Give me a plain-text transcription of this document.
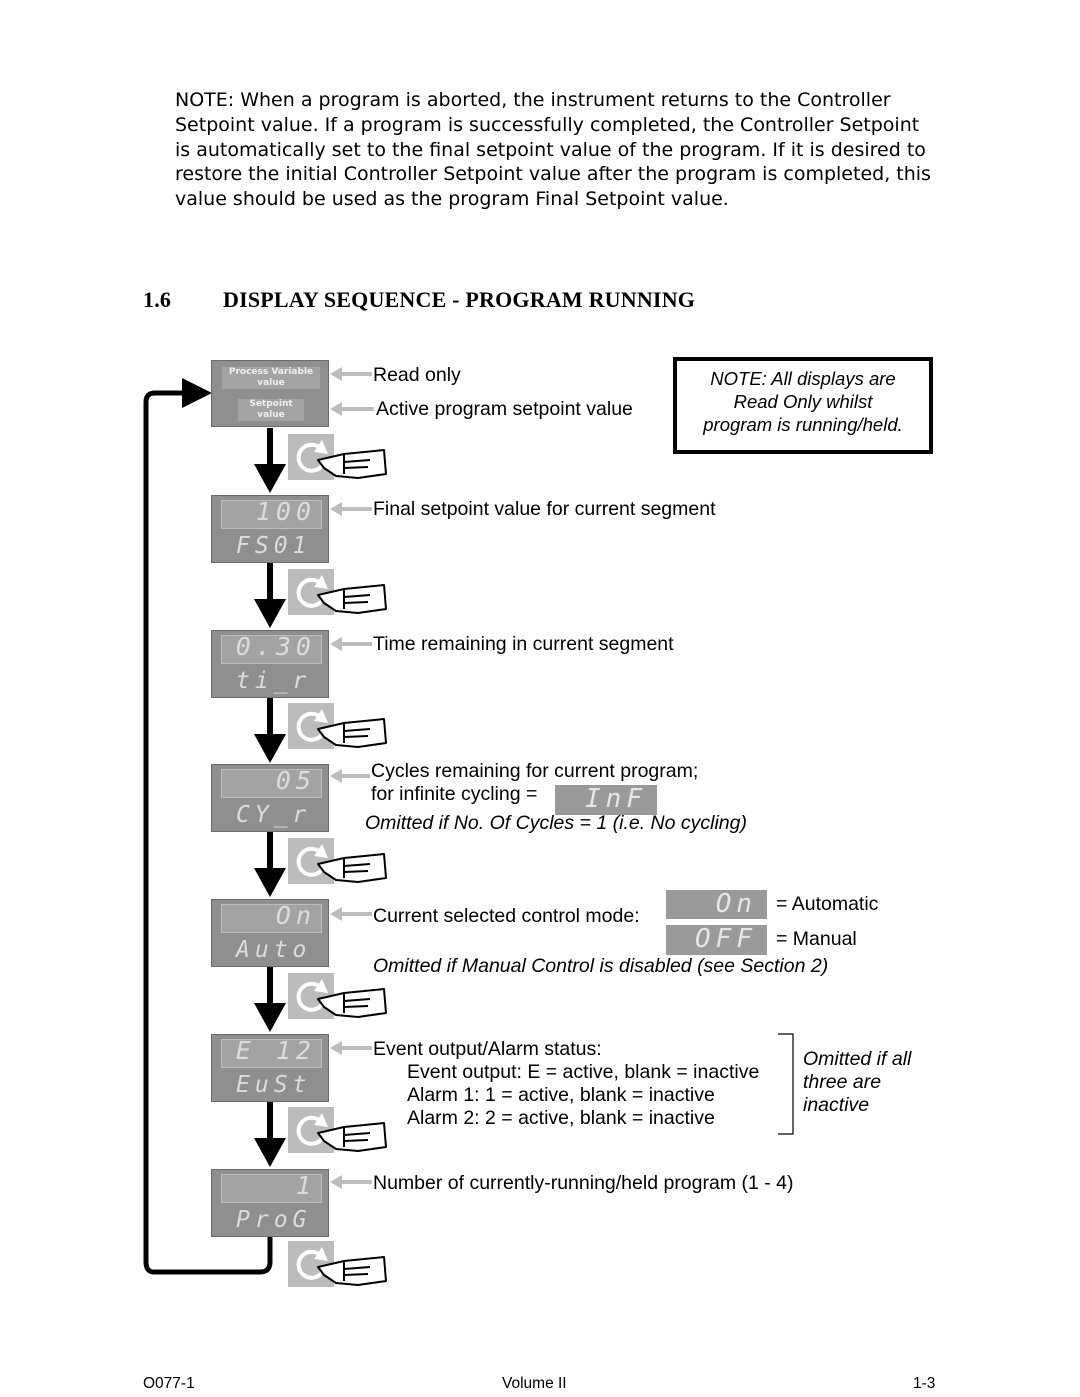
NOTE: When a program is aborted, the instrument returns to the Controller Setpoint value. If a program is successfully completed, the Controller Setpoint is automatically set to the final setpoint value of the program. If it is desired to restore the initial Controller Setpoint value after the program is completed, this value should be used as the program Final Setpoint value.
1.6 DISPLAY SEQUENCE - PROGRAM RUNNING
Process Variable
value
Setpoint
value
100
FS01
0.30
ti_r
05
CY_r
On
Auto
E 12
EuSt
1
ProG
NOTE: All displays are
Read Only whilst
program is running/held.
Read only
Active program setpoint value
Final setpoint value for current segment
Time remaining in current segment
Cycles remaining for current program;
for infinite cycling = InF
Omitted if No. Of Cycles = 1 (i.e. No cycling)
Current selected control mode:	On = Automatic
OFF = Manual
Omitted if Manual Control is disabled (see Section 2)
Event output/Alarm status:
Event output: E = active, blank = inactive
Alarm 1: 1 = active, blank = inactive
Alarm 2: 2 = active, blank = inactive
Omitted if all
three are
inactive
Number of currently-running/held program (1 - 4)
O077-1	Volume II	1-3
